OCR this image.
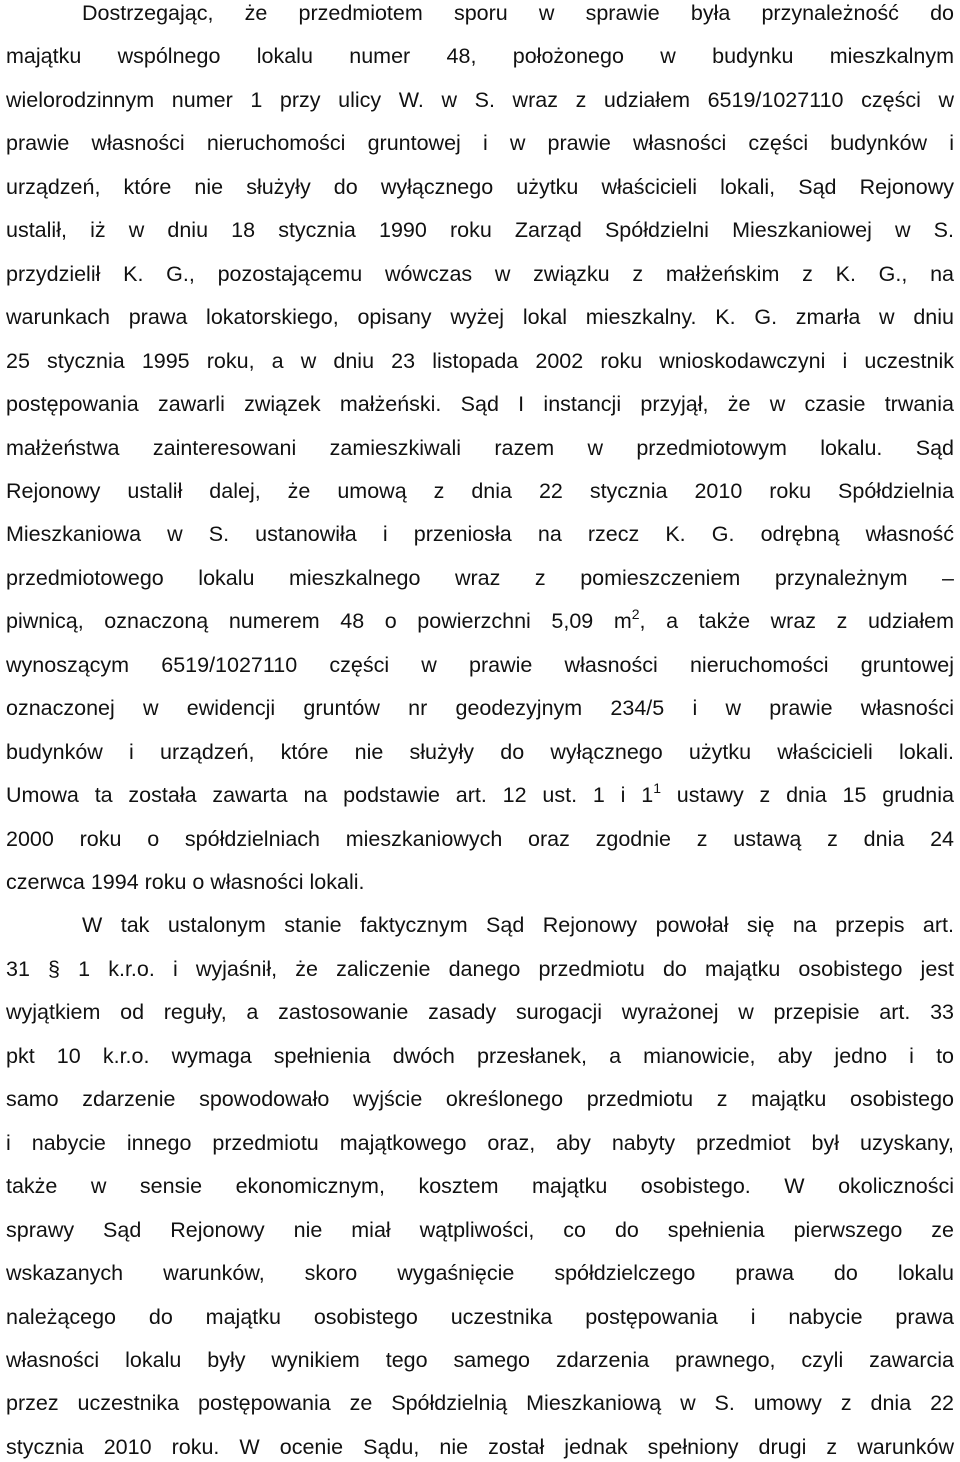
Dostrzegając, że przedmiotem sporu w sprawie była przynależność do
majątku wspólnego lokalu numer 48, położonego w budynku mieszkalnym
wielorodzinnym numer 1 przy ulicy W. w S. wraz z udziałem 6519/1027110 części w
prawie własności nieruchomości gruntowej i w prawie własności części budynków i
urządzeń, które nie służyły do wyłącznego użytku właścicieli lokali, Sąd Rejonowy
ustalił, iż w dniu 18 stycznia 1990 roku Zarząd Spółdzielni Mieszkaniowej w S.
przydzielił K. G., pozostającemu wówczas w związku z małżeńskim z K. G., na
warunkach prawa lokatorskiego, opisany wyżej lokal mieszkalny. K. G. zmarła w dniu
25 stycznia 1995 roku, a w dniu 23 listopada 2002 roku wnioskodawczyni i uczestnik
postępowania zawarli związek małżeński. Sąd I instancji przyjął, że w czasie trwania
małżeństwa zainteresowani zamieszkiwali razem w przedmiotowym lokalu. Sąd
Rejonowy ustalił dalej, że umową z dnia 22 stycznia 2010 roku Spółdzielnia
Mieszkaniowa w S. ustanowiła i przeniosła na rzecz K. G. odrębną własność
przedmiotowego lokalu mieszkalnego wraz z pomieszczeniem przynależnym –
piwnicą, oznaczoną numerem 48 o powierzchni 5,09 $m^2$, a także wraz z udziałem
wynoszącym 6519/1027110 części w prawie własności nieruchomości gruntowej
oznaczonej w ewidencji gruntów nr geodezyjnym 234/5 i w prawie własności
budynków i urządzeń, które nie służyły do wyłącznego użytku właścicieli lokali.
Umowa ta została zawarta na podstawie art. 12 ust. 1 i $1^1$ ustawy z dnia 15 grudnia
2000 roku o spółdzielniach mieszkaniowych oraz zgodnie z ustawą z dnia 24
czerwca 1994 roku o własności lokali.
W tak ustalonym stanie faktycznym Sąd Rejonowy powołał się na przepis art.
31 § 1 k.r.o. i wyjaśnił, że zaliczenie danego przedmiotu do majątku osobistego jest
wyjątkiem od reguły, a zastosowanie zasady surogacji wyrażonej w przepisie art. 33
pkt 10 k.r.o. wymaga spełnienia dwóch przesłanek, a mianowicie, aby jedno i to
samo zdarzenie spowodowało wyjście określonego przedmiotu z majątku osobistego
i nabycie innego przedmiotu majątkowego oraz, aby nabyty przedmiot był uzyskany,
także w sensie ekonomicznym, kosztem majątku osobistego. W okoliczności
sprawy Sąd Rejonowy nie miał wątpliwości, co do spełnienia pierwszego ze
wskazanych warunków, skoro wygaśnięcie spółdzielczego prawa do lokalu
należącego do majątku osobistego uczestnika postępowania i nabycie prawa
własności lokalu były wynikiem tego samego zdarzenia prawnego, czyli zawarcia
przez uczestnika postępowania ze Spółdzielnią Mieszkaniową w S. umowy z dnia 22
stycznia 2010 roku. W ocenie Sądu, nie został jednak spełniony drugi z warunków
